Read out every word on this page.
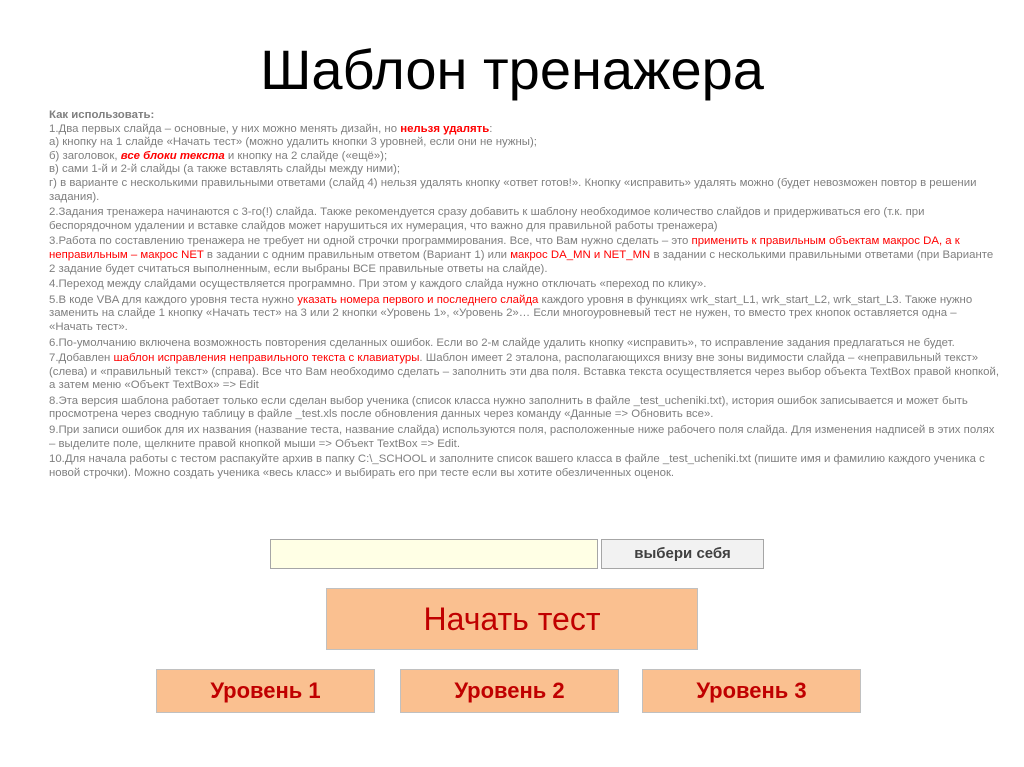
Шаблон тренажера

Как использовать:

1.Два первых слайда – основные, у них можно менять дизайн, но нельзя удалять:
а) кнопку на 1 слайде «Начать тест» (можно удалить кнопки 3 уровней, если они не нужны);
б) заголовок, все блоки текста и кнопку на 2 слайде («ещё»);
в) сами 1-й и 2-й слайды (а также вставлять слайды между ними);
г) в варианте с несколькими правильными ответами (слайд 4) нельзя удалять кнопку «ответ готов!». Кнопку «исправить» удалять можно (будет невозможен повтор в решении задания).

2.Задания тренажера начинаются с 3-го(!) слайда. Также рекомендуется сразу добавить к шаблону необходимое количество слайдов и придерживаться его (т.к. при беспорядочном удалении и вставке слайдов может нарушиться их нумерация, что важно для правильной работы тренажера)

3.Работа по составлению тренажера не требует ни одной строчки программирования. Все, что Вам нужно сделать – это применить к правильным объектам макрос DA, а к неправильным – макрос NET в задании с одним правильным ответом (Вариант 1) или макрос DA_MN и NET_MN в задании с несколькими правильными ответами (при Варианте 2 задание будет считаться выполненным, если выбраны ВСЕ правильные ответы на слайде).

4.Переход между слайдами осуществляется программно. При этом у каждого слайда нужно отключать «переход по клику».

5.В коде VBA для каждого уровня теста нужно указать номера первого и последнего слайда каждого уровня в функциях wrk_start_L1, wrk_start_L2, wrk_start_L3. Также нужно заменить на слайде 1 кнопку «Начать тест» на 3 или 2 кнопки «Уровень 1», «Уровень 2»… Если многоуровневый тест не нужен, то вместо трех кнопок оставляется одна – «Начать тест».

6.По-умолчанию включена возможность повторения сделанных ошибок. Если во 2-м слайде удалить кнопку «исправить», то исправление задания предлагаться не будет.

7.Добавлен шаблон исправления неправильного текста с клавиатуры. Шаблон имеет 2 эталона, располагающихся внизу вне зоны видимости слайда – «неправильный текст» (слева) и «правильный текст» (справа). Все что Вам необходимо сделать – заполнить эти два поля. Вставка текста осуществляется через выбор объекта TextBox правой кнопкой, а затем меню «Объект TextBox» => Edit

8.Эта версия шаблона работает только если сделан выбор ученика (список класса нужно заполнить в файле _test_ucheniki.txt), история ошибок записывается и может быть просмотрена через сводную таблицу в файле _test.xls после обновления данных через команду «Данные => Обновить все».

9.При записи ошибок для их названия (название теста, название слайда) используются поля, расположенные ниже рабочего поля слайда. Для изменения надписей в этих полях – выделите поле, щелкните правой кнопкой мыши => Объект TextBox => Edit.

10.Для начала работы с тестом распакуйте архив в папку C:\_SCHOOL и заполните список вашего класса в файле _test_ucheniki.txt (пишите имя и фамилию каждого ученика с новой строчки). Можно создать ученика «весь класс» и выбирать его при тесте если вы хотите обезличенных оценок.

выбери себя
Начать тест
Уровень 1	Уровень 2	Уровень 3
